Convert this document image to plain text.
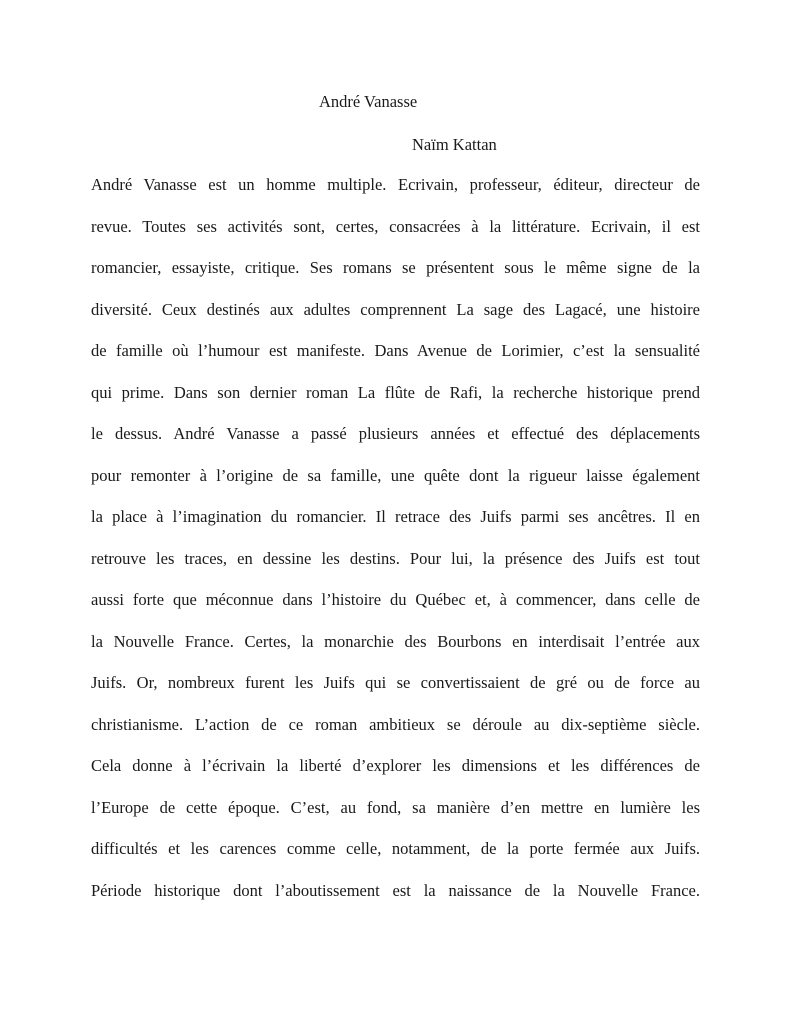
André Vanasse
Naïm Kattan
André Vanasse est un homme multiple. Ecrivain, professeur, éditeur, directeur de
revue. Toutes ses activités sont, certes, consacrées à la littérature. Ecrivain, il est
romancier, essayiste, critique. Ses romans se présentent sous le même signe de la
diversité. Ceux destinés aux adultes comprennent La sage des Lagacé, une histoire
de famille où l’humour est manifeste. Dans Avenue de Lorimier, c’est la sensualité
qui prime. Dans son dernier roman La flûte de Rafi, la recherche historique prend
le dessus. André Vanasse a passé plusieurs années et effectué des déplacements
pour remonter à l’origine de sa famille, une quête dont la rigueur laisse également
la place à l’imagination du romancier. Il retrace des Juifs parmi ses ancêtres. Il en
retrouve les traces, en dessine les destins. Pour lui, la présence des Juifs est tout
aussi forte que méconnue dans l’histoire du Québec et, à commencer, dans celle de
la Nouvelle France. Certes, la monarchie des Bourbons en interdisait l’entrée aux
Juifs. Or, nombreux furent les Juifs qui se convertissaient de gré ou de force au
christianisme. L’action de ce roman ambitieux se déroule au dix-septième siècle.
Cela donne à l’écrivain la liberté d’explorer les dimensions et les différences de
l’Europe de cette époque. C’est, au fond, sa manière d’en mettre en lumière les
difficultés et les carences comme celle, notamment, de la porte fermée aux Juifs.
Période historique dont l’aboutissement est la naissance de la Nouvelle France.
